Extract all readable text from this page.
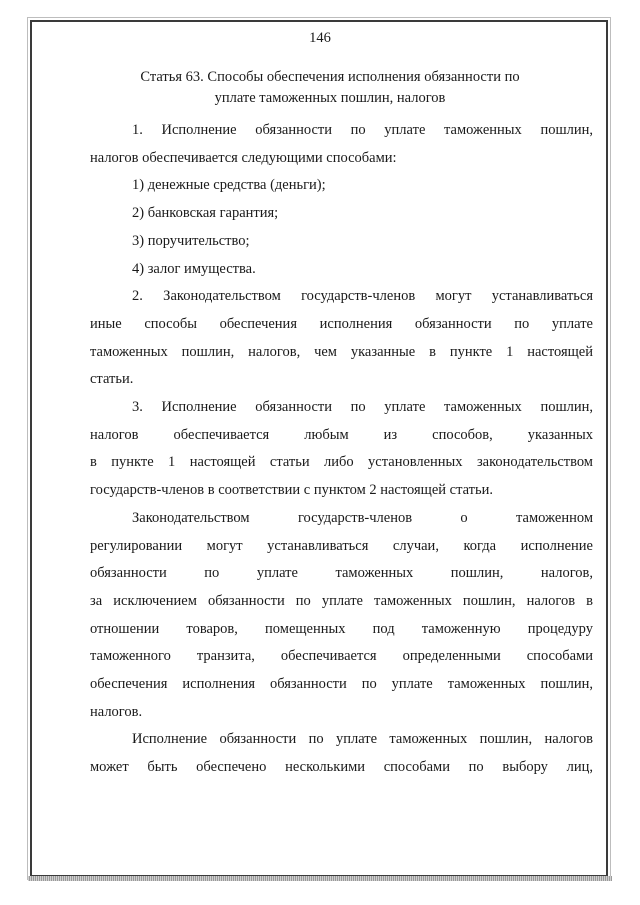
146
Статья 63. Способы обеспечения исполнения обязанности по
уплате таможенных пошлин, налогов
1. Исполнение обязанности по уплате таможенных пошлин,
налогов обеспечивается следующими способами:
1) денежные средства (деньги);
2) банковская гарантия;
3) поручительство;
4) залог имущества.
2. Законодательством государств-членов могут устанавливаться
иные способы обеспечения исполнения обязанности по уплате
таможенных пошлин, налогов, чем указанные в пункте 1 настоящей
статьи.
3. Исполнение обязанности по уплате таможенных пошлин,
налогов обеспечивается любым из способов, указанных
в пункте 1 настоящей статьи либо установленных законодательством
государств-членов в соответствии с пунктом 2 настоящей статьи.
Законодательством государств-членов о таможенном
регулировании могут устанавливаться случаи, когда исполнение
обязанности по уплате таможенных пошлин, налогов,
за исключением обязанности по уплате таможенных пошлин, налогов в
отношении товаров, помещенных под таможенную процедуру
таможенного транзита, обеспечивается определенными способами
обеспечения исполнения обязанности по уплате таможенных пошлин,
налогов.
Исполнение обязанности по уплате таможенных пошлин, налогов
может быть обеспечено несколькими способами по выбору лиц,
